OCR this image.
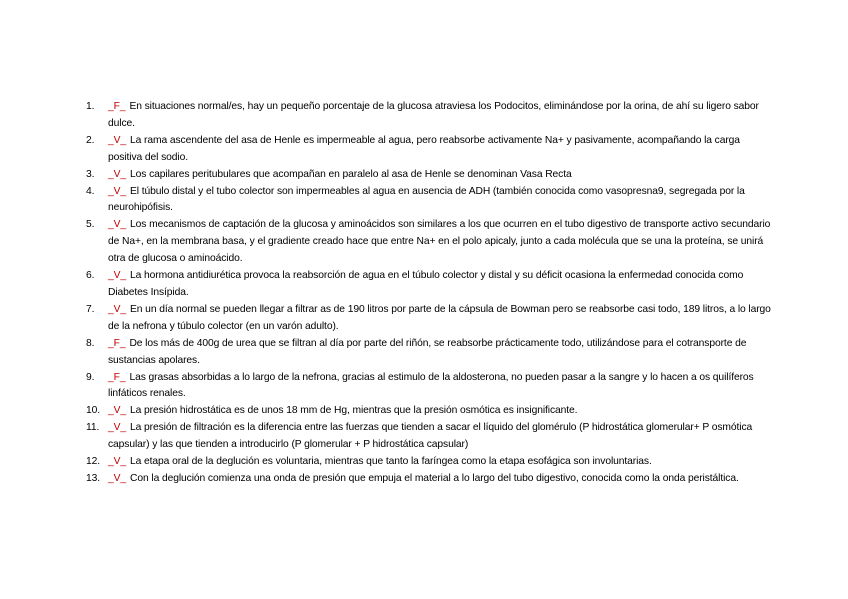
1.	_F_ En situaciones normal/es, hay un pequeño porcentaje de la glucosa atraviesa los Podocitos, eliminándose por la orina, de ahí su ligero sabor dulce.
2.	_V_ La rama ascendente del asa de Henle es impermeable al agua, pero reabsorbe activamente Na+ y pasivamente, acompañando la carga positiva del sodio.
3.	_V_ Los capilares peritubulares que acompañan en paralelo al asa de Henle se denominan Vasa Recta
4.	_V_ El túbulo distal y el tubo colector son impermeables al agua en ausencia de ADH (también conocida como vasopresna9, segregada por la neurohipófisis.
5.	_V_ Los mecanismos de captación de la glucosa y aminoácidos son similares a los que ocurren en el tubo digestivo de transporte activo secundario de Na+, en la membrana basa, y el gradiente creado hace que entre Na+ en el polo apicaly, junto a cada molécula que se una la proteína, se unirá otra de glucosa o aminoácido.
6.	_V_ La hormona antidiurética provoca la reabsorción de agua en el túbulo colector y distal y su déficit ocasiona la enfermedad conocida como Diabetes Insípida.
7.	_V_ En un día normal se pueden llegar a filtrar as de 190 litros por parte de la cápsula de Bowman pero se reabsorbe casi todo, 189 litros, a lo largo de la nefrona y túbulo colector (en un varón adulto).
8.	_F_ De los más de 400g de urea que se filtran al día por parte del riñón, se reabsorbe prácticamente todo, utilizándose para el cotransporte de sustancias apolares.
9.	_F_ Las grasas absorbidas a lo largo de la nefrona, gracias al estimulo de la aldosterona, no pueden pasar a la sangre y lo hacen a os quilíferos linfáticos renales.
10. _V_ La presión hidrostática es de unos 18 mm de Hg, mientras que la presión osmótica es insignificante.
11. _V_ La presión de filtración es la diferencia entre las fuerzas que tienden a sacar el líquido del glomérulo (P hidrostática glomerular+ P osmótica capsular) y las que tienden a introducirlo (P glomerular + P hidrostática capsular)
12. _V_ La etapa oral de la deglución es voluntaria, mientras que tanto la faríngea como la etapa esofágica son involuntarias.
13. _V_ Con la deglución comienza una onda de presión que empuja el material a lo largo del tubo digestivo, conocida como la onda peristáltica.
